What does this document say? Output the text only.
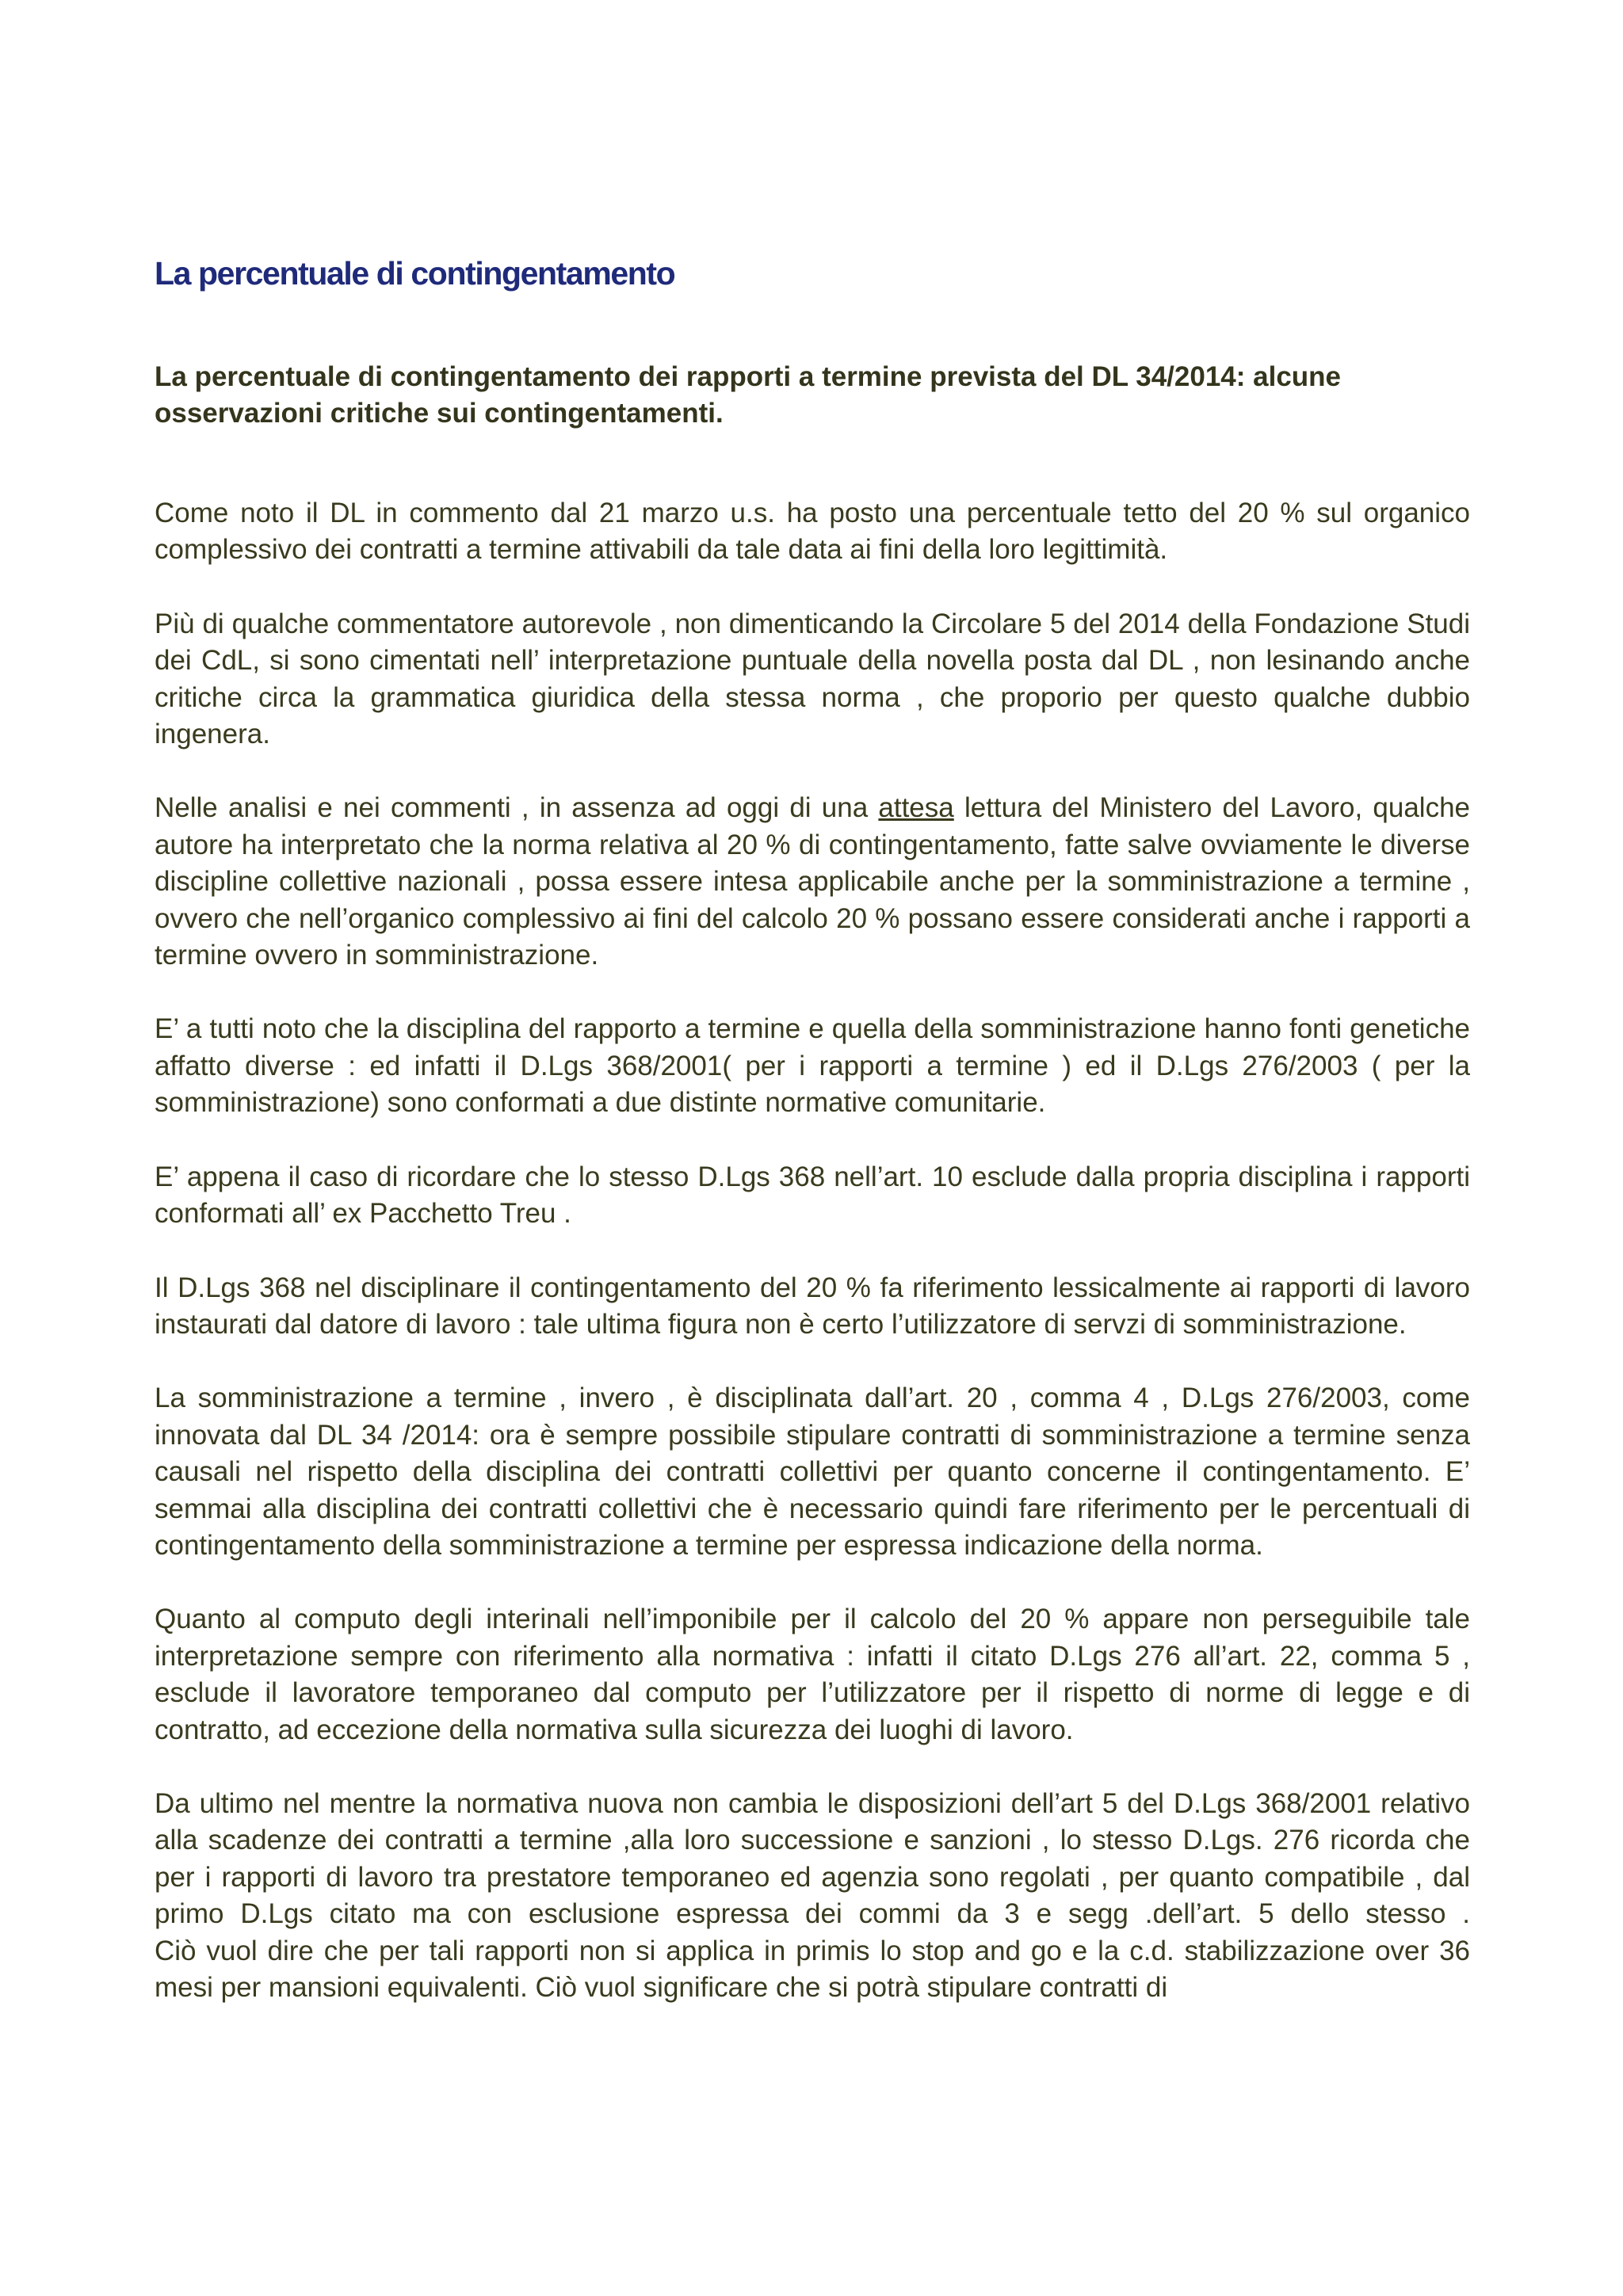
La percentuale di contingentamento
La percentuale di contingentamento dei rapporti a termine prevista del DL 34/2014: alcune osservazioni critiche sui contingentamenti.

Come noto il DL in commento dal 21 marzo u.s. ha posto una percentuale tetto del 20 % sul organico complessivo dei contratti a termine attivabili da tale data ai fini della loro legittimità.

Più di qualche commentatore autorevole , non dimenticando la Circolare 5 del 2014 della Fondazione Studi dei CdL, si sono cimentati nell’ interpretazione puntuale della novella posta dal DL , non lesinando anche critiche circa la grammatica giuridica della stessa norma , che proporio per questo qualche dubbio ingenera.

Nelle analisi e nei commenti , in assenza ad oggi di una attesa lettura del Ministero del Lavoro, qualche autore ha interpretato che la norma relativa al 20 % di contingentamento, fatte salve ovviamente le diverse discipline collettive nazionali , possa essere intesa applicabile anche per la somministrazione a termine , ovvero che nell’organico complessivo ai fini del calcolo 20 % possano essere considerati anche i rapporti a termine ovvero in somministrazione.

E’ a tutti noto che la disciplina del rapporto a termine e quella della somministrazione hanno fonti genetiche affatto diverse : ed infatti il D.Lgs 368/2001( per i rapporti a termine ) ed il D.Lgs 276/2003 ( per la somministrazione) sono conformati a due distinte normative comunitarie.

E’ appena il caso di ricordare che lo stesso D.Lgs 368 nell’art. 10 esclude dalla propria disciplina i rapporti conformati all’ ex Pacchetto Treu .

Il D.Lgs 368 nel disciplinare il contingentamento del 20 % fa riferimento lessicalmente ai rapporti di lavoro instaurati dal datore di lavoro : tale ultima figura non è certo l’utilizzatore di servzi di somministrazione.

La somministrazione a termine , invero , è disciplinata dall’art. 20 , comma 4 , D.Lgs 276/2003, come innovata dal DL 34 /2014: ora è sempre possibile stipulare contratti di somministrazione a termine senza causali nel rispetto della disciplina dei contratti collettivi per quanto concerne il contingentamento. E’ semmai alla disciplina dei contratti collettivi che è necessario quindi fare riferimento per le percentuali di contingentamento della somministrazione a termine per espressa indicazione della norma.

Quanto al computo degli interinali nell’imponibile per il calcolo del 20 % appare non perseguibile tale interpretazione sempre con riferimento alla normativa : infatti il citato D.Lgs 276 all’art. 22, comma 5 , esclude il lavoratore temporaneo dal computo per l’utilizzatore per il rispetto di norme di legge e di contratto, ad eccezione della normativa sulla sicurezza dei luoghi di lavoro.

Da ultimo nel mentre la normativa nuova non cambia le disposizioni dell’art 5 del D.Lgs 368/2001 relativo alla scadenze dei contratti a termine ,alla loro successione e sanzioni , lo stesso D.Lgs. 276 ricorda che per i rapporti di lavoro tra prestatore temporaneo ed agenzia sono regolati , per quanto compatibile , dal primo D.Lgs citato ma con esclusione espressa dei commi da 3 e segg .dell’art. 5 dello stesso .

Ciò vuol dire che per tali rapporti non si applica in primis lo stop and go e la c.d. stabilizzazione over 36 mesi per mansioni equivalenti. Ciò vuol significare che si potrà stipulare contratti di
